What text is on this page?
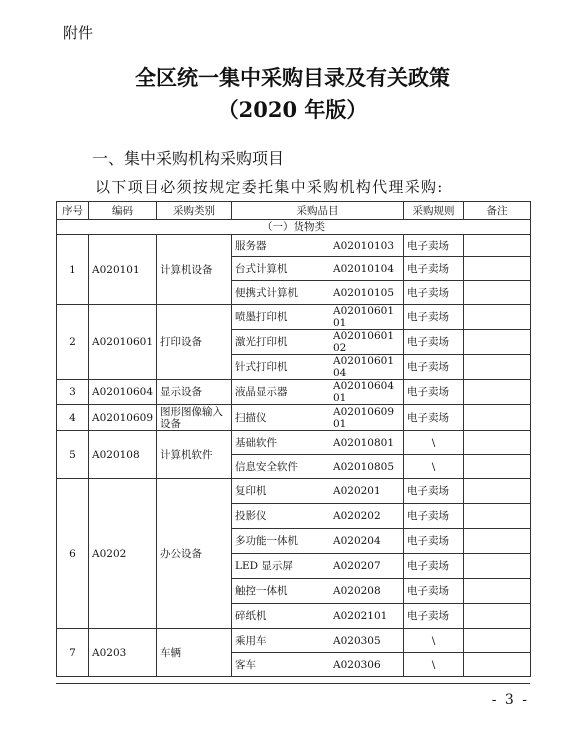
附件
全区统一集中采购目录及有关政策
（2020 年版）
一、集中采购机构采购项目
以下项目必须按规定委托集中采购机构代理采购:
序号	编码	采购类别	采购品目	采购规则	备注
（一）货物类					
1	A020101	计算机设备	服务器 A02010103	电子卖场	
			台式计算机 A02010104	电子卖场	
			便携式计算机 A02010105	电子卖场	
2	A02010601	打印设备	喷墨打印机 A0201060101	电子卖场	
			激光打印机 A0201060102	电子卖场	
			针式打印机 A0201060104	电子卖场	
3	A02010604	显示设备	液晶显示器 A0201060401	电子卖场	
4	A02010609	图形图像输入设备	扫描仪 A0201060901	电子卖场	
5	A020108	计算机软件	基础软件 A02010801	\	
			信息安全软件 A02010805	\	
6	A0202	办公设备	复印机 A020201	电子卖场	
			投影仪 A020202	电子卖场	
			多功能一体机 A020204	电子卖场	
			LED 显示屏 A020207	电子卖场	
			触控一体机 A020208	电子卖场	
			碎纸机 A0202101	电子卖场	
7	A0203	车辆	乘用车 A020305	\	
			客车 A020306	\	
- 3 -
